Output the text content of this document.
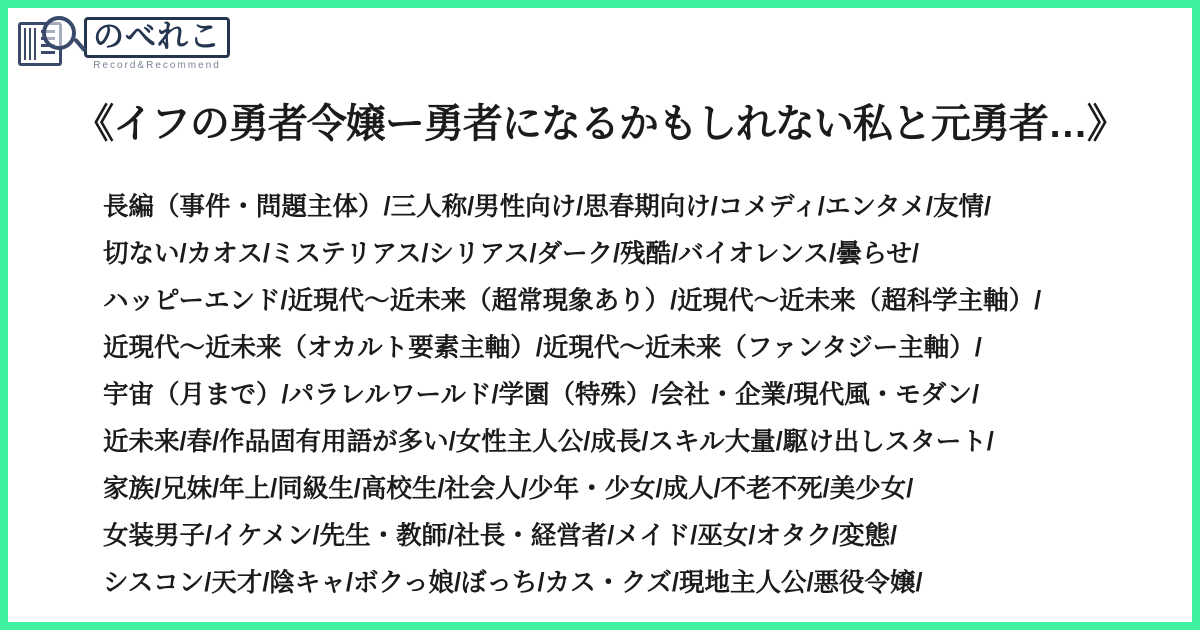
のべれこ
Record&Recommend
《イフの勇者令嬢ー勇者になるかもしれない私と元勇者…》
長編（事件・問題主体）/三人称/男性向け/思春期向け/コメディ/エンタメ/友情/
切ない/カオス/ミステリアス/シリアス/ダーク/残酷/バイオレンス/曇らせ/
ハッピーエンド/近現代〜近未来（超常現象あり）/近現代〜近未来（超科学主軸）/
近現代〜近未来（オカルト要素主軸）/近現代〜近未来（ファンタジー主軸）/
宇宙（月まで）/パラレルワールド/学園（特殊）/会社・企業/現代風・モダン/
近未来/春/作品固有用語が多い/女性主人公/成長/スキル大量/駆け出しスタート/
家族/兄妹/年上/同級生/高校生/社会人/少年・少女/成人/不老不死/美少女/
女装男子/イケメン/先生・教師/社長・経営者/メイド/巫女/オタク/変態/
シスコン/天才/陰キャ/ボクっ娘/ぼっち/カス・クズ/現地主人公/悪役令嬢/
